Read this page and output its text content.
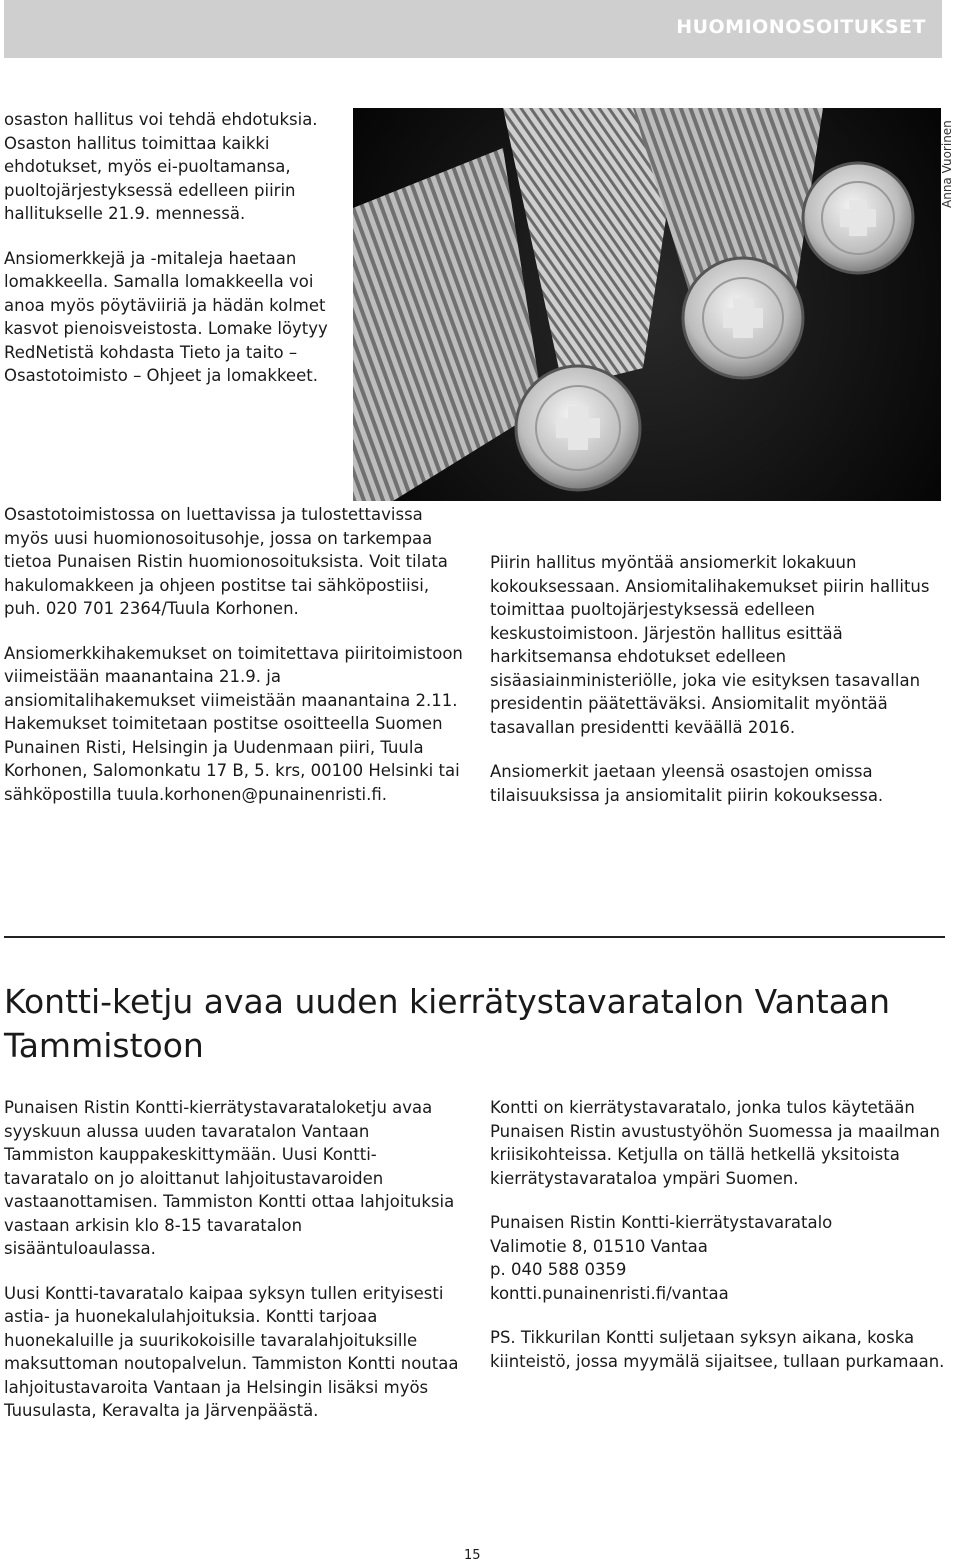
HUOMIONOSOITUKSET

osaston hallitus voi tehdä ehdotuksia. Osaston hallitus toimittaa kaikki ehdotukset, myös ei-puoltamansa, puoltojärjestyksessä edelleen piirin hallitukselle 21.9. mennessä.

Ansiomerkkejä ja -mitaleja haetaan lomakkeella. Samalla lomakkeella voi anoa myös pöytäviiriä ja hädän kolmet kasvot pienoisveistosta. Lomake löytyy RedNetistä kohdasta Tieto ja taito – Osastotoimisto – Ohjeet ja lomakkeet.

Anna Vuorinen

Osastotoimistossa on luettavissa ja tulostettavissa myös uusi huomionosoitusohje, jossa on tarkempaa tietoa Punaisen Ristin huomionosoituksista. Voit tilata hakulomakkeen ja ohjeen postitse tai sähköpostiisi, puh. 020 701 2364/Tuula Korhonen.

Ansiomerkkihakemukset on toimitettava piiritoimistoon viimeistään maanantaina 21.9. ja ansiomitalihakemukset viimeistään maanantaina 2.11. Hakemukset toimitetaan postitse osoitteella Suomen Punainen Risti, Helsingin ja Uudenmaan piiri, Tuula Korhonen, Salomonkatu 17 B, 5. krs, 00100 Helsinki tai sähköpostilla tuula.korhonen@punainenristi.fi.

Piirin hallitus myöntää ansiomerkit lokakuun kokouksessaan. Ansiomitalihakemukset piirin hallitus toimittaa puoltojärjestyksessä edelleen keskustoimistoon. Järjestön hallitus esittää harkitsemansa ehdotukset edelleen sisäasiainministeriölle, joka vie esityksen tasavallan presidentin päätettäväksi. Ansiomitalit myöntää tasavallan presidentti keväällä 2016.

Ansiomerkit jaetaan yleensä osastojen omissa tilaisuuksissa ja ansiomitalit piirin kokouksessa.

Kontti-ketju avaa uuden kierrätystavaratalon Vantaan Tammistoon

Punaisen Ristin Kontti-kierrätystavarataloketju avaa syyskuun alussa uuden tavaratalon Vantaan Tammiston kauppakeskittymään. Uusi Kontti-tavaratalo on jo aloittanut lahjoitustavaroiden vastaanottamisen. Tammiston Kontti ottaa lahjoituksia vastaan arkisin klo 8-15 tavaratalon sisääntuloaulassa.

Uusi Kontti-tavaratalo kaipaa syksyn tullen erityisesti astia- ja huonekalulahjoituksia. Kontti tarjoaa huonekaluille ja suurikokoisille tavaralahjoituksille maksuttoman noutopalvelun. Tammiston Kontti noutaa lahjoitustavaroita Vantaan ja Helsingin lisäksi myös Tuusulasta, Keravalta ja Järvenpäästä.

Kontti on kierrätystavaratalo, jonka tulos käytetään Punaisen Ristin avustustyöhön Suomessa ja maailman kriisikohteissa. Ketjulla on tällä hetkellä yksitoista kierrätystavarataloa ympäri Suomen.

Punaisen Ristin Kontti-kierrätystavaratalo
Valimotie 8, 01510 Vantaa
p. 040 588 0359
kontti.punainenristi.fi/vantaa

PS. Tikkurilan Kontti suljetaan syksyn aikana, koska kiinteistö, jossa myymälä sijaitsee, tullaan purkamaan.

15
